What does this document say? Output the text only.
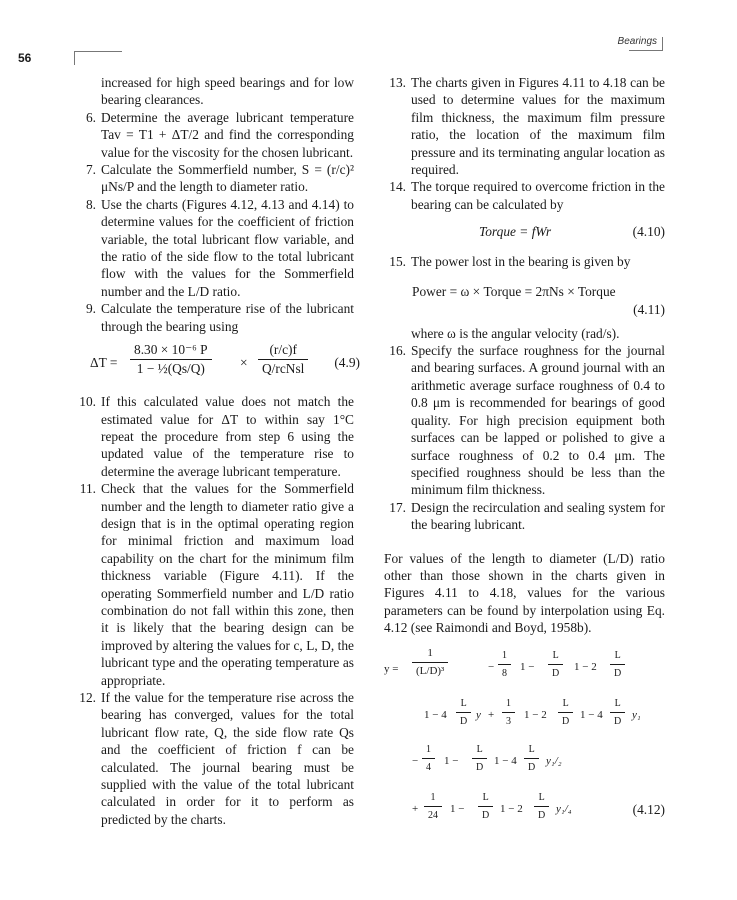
56
Bearings
increased for high speed bearings and for low bearing clearances.
6. Determine the average lubricant temperature Tav = T1 + ΔT/2 and find the corresponding value for the viscosity for the chosen lubricant.
7. Calculate the Sommerfield number, S = (r/c)² μNs/P and the length to diameter ratio.
8. Use the charts (Figures 4.12, 4.13 and 4.14) to determine values for the coefficient of friction variable, the total lubricant flow variable, and the ratio of the side flow to the total lubricant flow with the values for the Sommerfield number and the L/D ratio.
9. Calculate the temperature rise of the lubricant through the bearing using
$\Delta T = \frac{\text{8.30 × 10⁻⁶ P}}{\text{1 − ½(Qs/Q)}}$ ×
(r/c)f
Q/rcNsl (4.9)
10. If this calculated value does not match the estimated value for ΔT to within say 1°C repeat the procedure from step 6 using the updated value of the temperature rise to determine the average lubricant temperature.
11. Check that the values for the Sommerfield number and the length to diameter ratio give a design that is in the optimal operating region for minimal friction and maximum load capability on the chart for the minimum film thickness variable (Figure 4.11). If the operating Sommerfield number and L/D ratio combination do not fall within this zone, then it is likely that the bearing design can be improved by altering the values for c, L, D, the lubricant type and the operating temperature as appropriate.
12. If the value for the temperature rise across the bearing has converged, values for the total lubricant flow rate, Q, the side flow rate Qs and the coefficient of friction f can be calculated. The journal bearing must be supplied with the value of the total lubricant calculated in order for it to perform as predicted by the charts.
13. The charts given in Figures 4.11 to 4.18 can be used to determine values for the maximum film thickness, the maximum film pressure ratio, the location of the maximum film pressure and its terminating angular location as required.
14. The torque required to overcome friction in the bearing can be calculated by
Torque = fWr	(4.10)
15. The power lost in the bearing is given by
Power = ω × Torque = 2πNs × Torque
(4.11)
where ω is the angular velocity (rad/s).
16. Specify the surface roughness for the journal and bearing surfaces. A ground journal with an arithmetic average surface roughness of 0.4 to 0.8 μm is recommended for bearings of good quality. For high precision equipment both surfaces can be lapped or polished to give a surface roughness of 0.2 to 0.4 μm. The specified roughness should be less than the minimum film thickness.
17. Design the recirculation and sealing system for the bearing lubricant.

For values of the length to diameter (L/D) ratio other than those shown in the charts given in Figures 4.11 to 4.18, values for the various parameters can be found by interpolation using Eq. 4.12 (see Raimondi and Boyd, 1958b).

$y = \frac{1}{\text{(L/D)³}}$	− $\frac{1}{8} 1 - \frac{L}{D} 1 - 2 \frac{L}{D}$
$1 - 4 \frac{L}{D}$ $y + \frac{1}{3} 1 - 2 \frac{L}{D} 1 - 4 \frac{L}{D} y_1$
− $\frac{1}{4} 1 - \frac{L}{D} 1 - 4 \frac{L}{D} y_1/_2$
+ $\frac{1}{24} 1 - \frac{L}{D} 1 - 2 \frac{L}{D} y_1/_4$	(4.12)
